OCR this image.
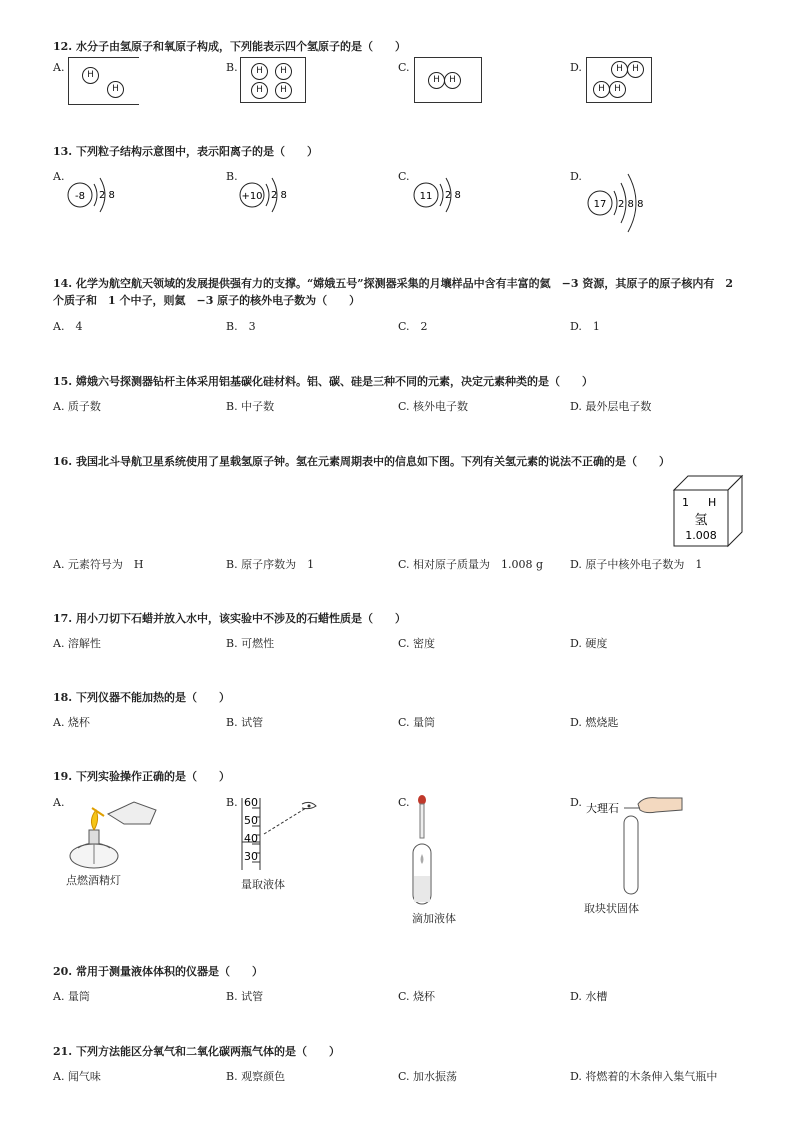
12. 水分子由氢原子和氧原子构成，下列能表示四个氢原子的是（　　）
A.	B.	C.	D.
H
H
H	H
H	H
H	H
H	H
H	H
13. 下列粒子结构示意图中，表示阳离子的是（　　）
A.	B.	C.	D.
-8 2 8	+10 2 8	11 2 8
17 2 8 8
14. 化学为航空航天领域的发展提供强有力的支撑。“嫦娥五号”探测器采集的月壤样品中含有丰富的氦　−3 资源，其原子的原子核内有　2 个质子和　1 个中子，则氦　−3 原子的核外电子数为（　　）
A.　4	B.　3	C.　2	D.　1
15. 嫦娥六号探测器钻杆主体采用铝基碳化硅材料。铝、碳、硅是三种不同的元素，决定元素种类的是（　　）
A. 质子数	B. 中子数	C. 核外电子数	D. 最外层电子数
16. 我国北斗导航卫星系统使用了星载氢原子钟。氢在元素周期表中的信息如下图。下列有关氢元素的说法不正确的是（　　）
1 H
氢
1.008
A. 元素符号为　H	B. 原子序数为　1	C. 相对原子质量为　1.008 g D. 原子中核外电子数为　1
17. 用小刀切下石蜡并放入水中，该实验中不涉及的石蜡性质是（　　）
A. 溶解性	B. 可燃性	C. 密度	D. 硬度
18. 下列仪器不能加热的是（　　）
A. 烧杯	B. 试管	C. 量筒	D. 燃烧匙
19. 下列实验操作正确的是（　　）
A.	B.	C.	D.
点燃酒精灯
60
50
40
30
量取液体
滴加液体
大理石
取块状固体
20. 常用于测量液体体积的仪器是（　　）
A. 量筒	B. 试管	C. 烧杯	D. 水槽
21. 下列方法能区分氧气和二氧化碳两瓶气体的是（　　）
A. 闻气味	B. 观察颜色	C. 加水振荡	D. 将燃着的木条伸入集气瓶中
